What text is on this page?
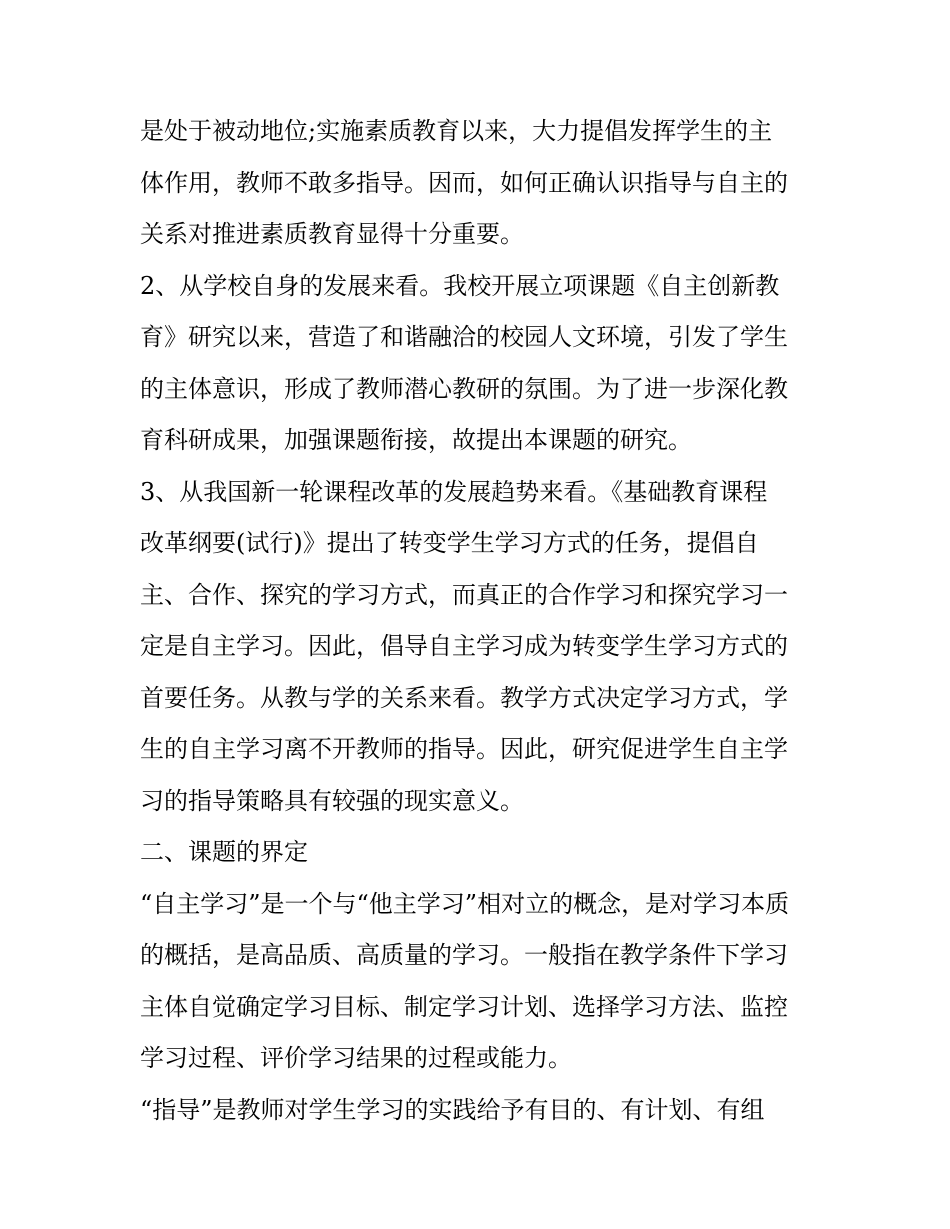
是处于被动地位;实施素质教育以来，大力提倡发挥学生的主
体作用，教师不敢多指导。因而，如何正确认识指导与自主的
关系对推进素质教育显得十分重要。
2、从学校自身的发展来看。我校开展立项课题《自主创新教
育》研究以来，营造了和谐融洽的校园人文环境，引发了学生
的主体意识，形成了教师潜心教研的氛围。为了进一步深化教
育科研成果，加强课题衔接，故提出本课题的研究。
3、从我国新一轮课程改革的发展趋势来看。《基础教育课程
改革纲要(试行)》提出了转变学生学习方式的任务，提倡自
主、合作、探究的学习方式，而真正的合作学习和探究学习一
定是自主学习。因此，倡导自主学习成为转变学生学习方式的
首要任务。从教与学的关系来看。教学方式决定学习方式，学
生的自主学习离不开教师的指导。因此，研究促进学生自主学
习的指导策略具有较强的现实意义。
二、课题的界定
“自主学习”是一个与“他主学习”相对立的概念，是对学习本质
的概括，是高品质、高质量的学习。一般指在教学条件下学习
主体自觉确定学习目标、制定学习计划、选择学习方法、监控
学习过程、评价学习结果的过程或能力。
“指导”是教师对学生学习的实践给予有目的、有计划、有组
